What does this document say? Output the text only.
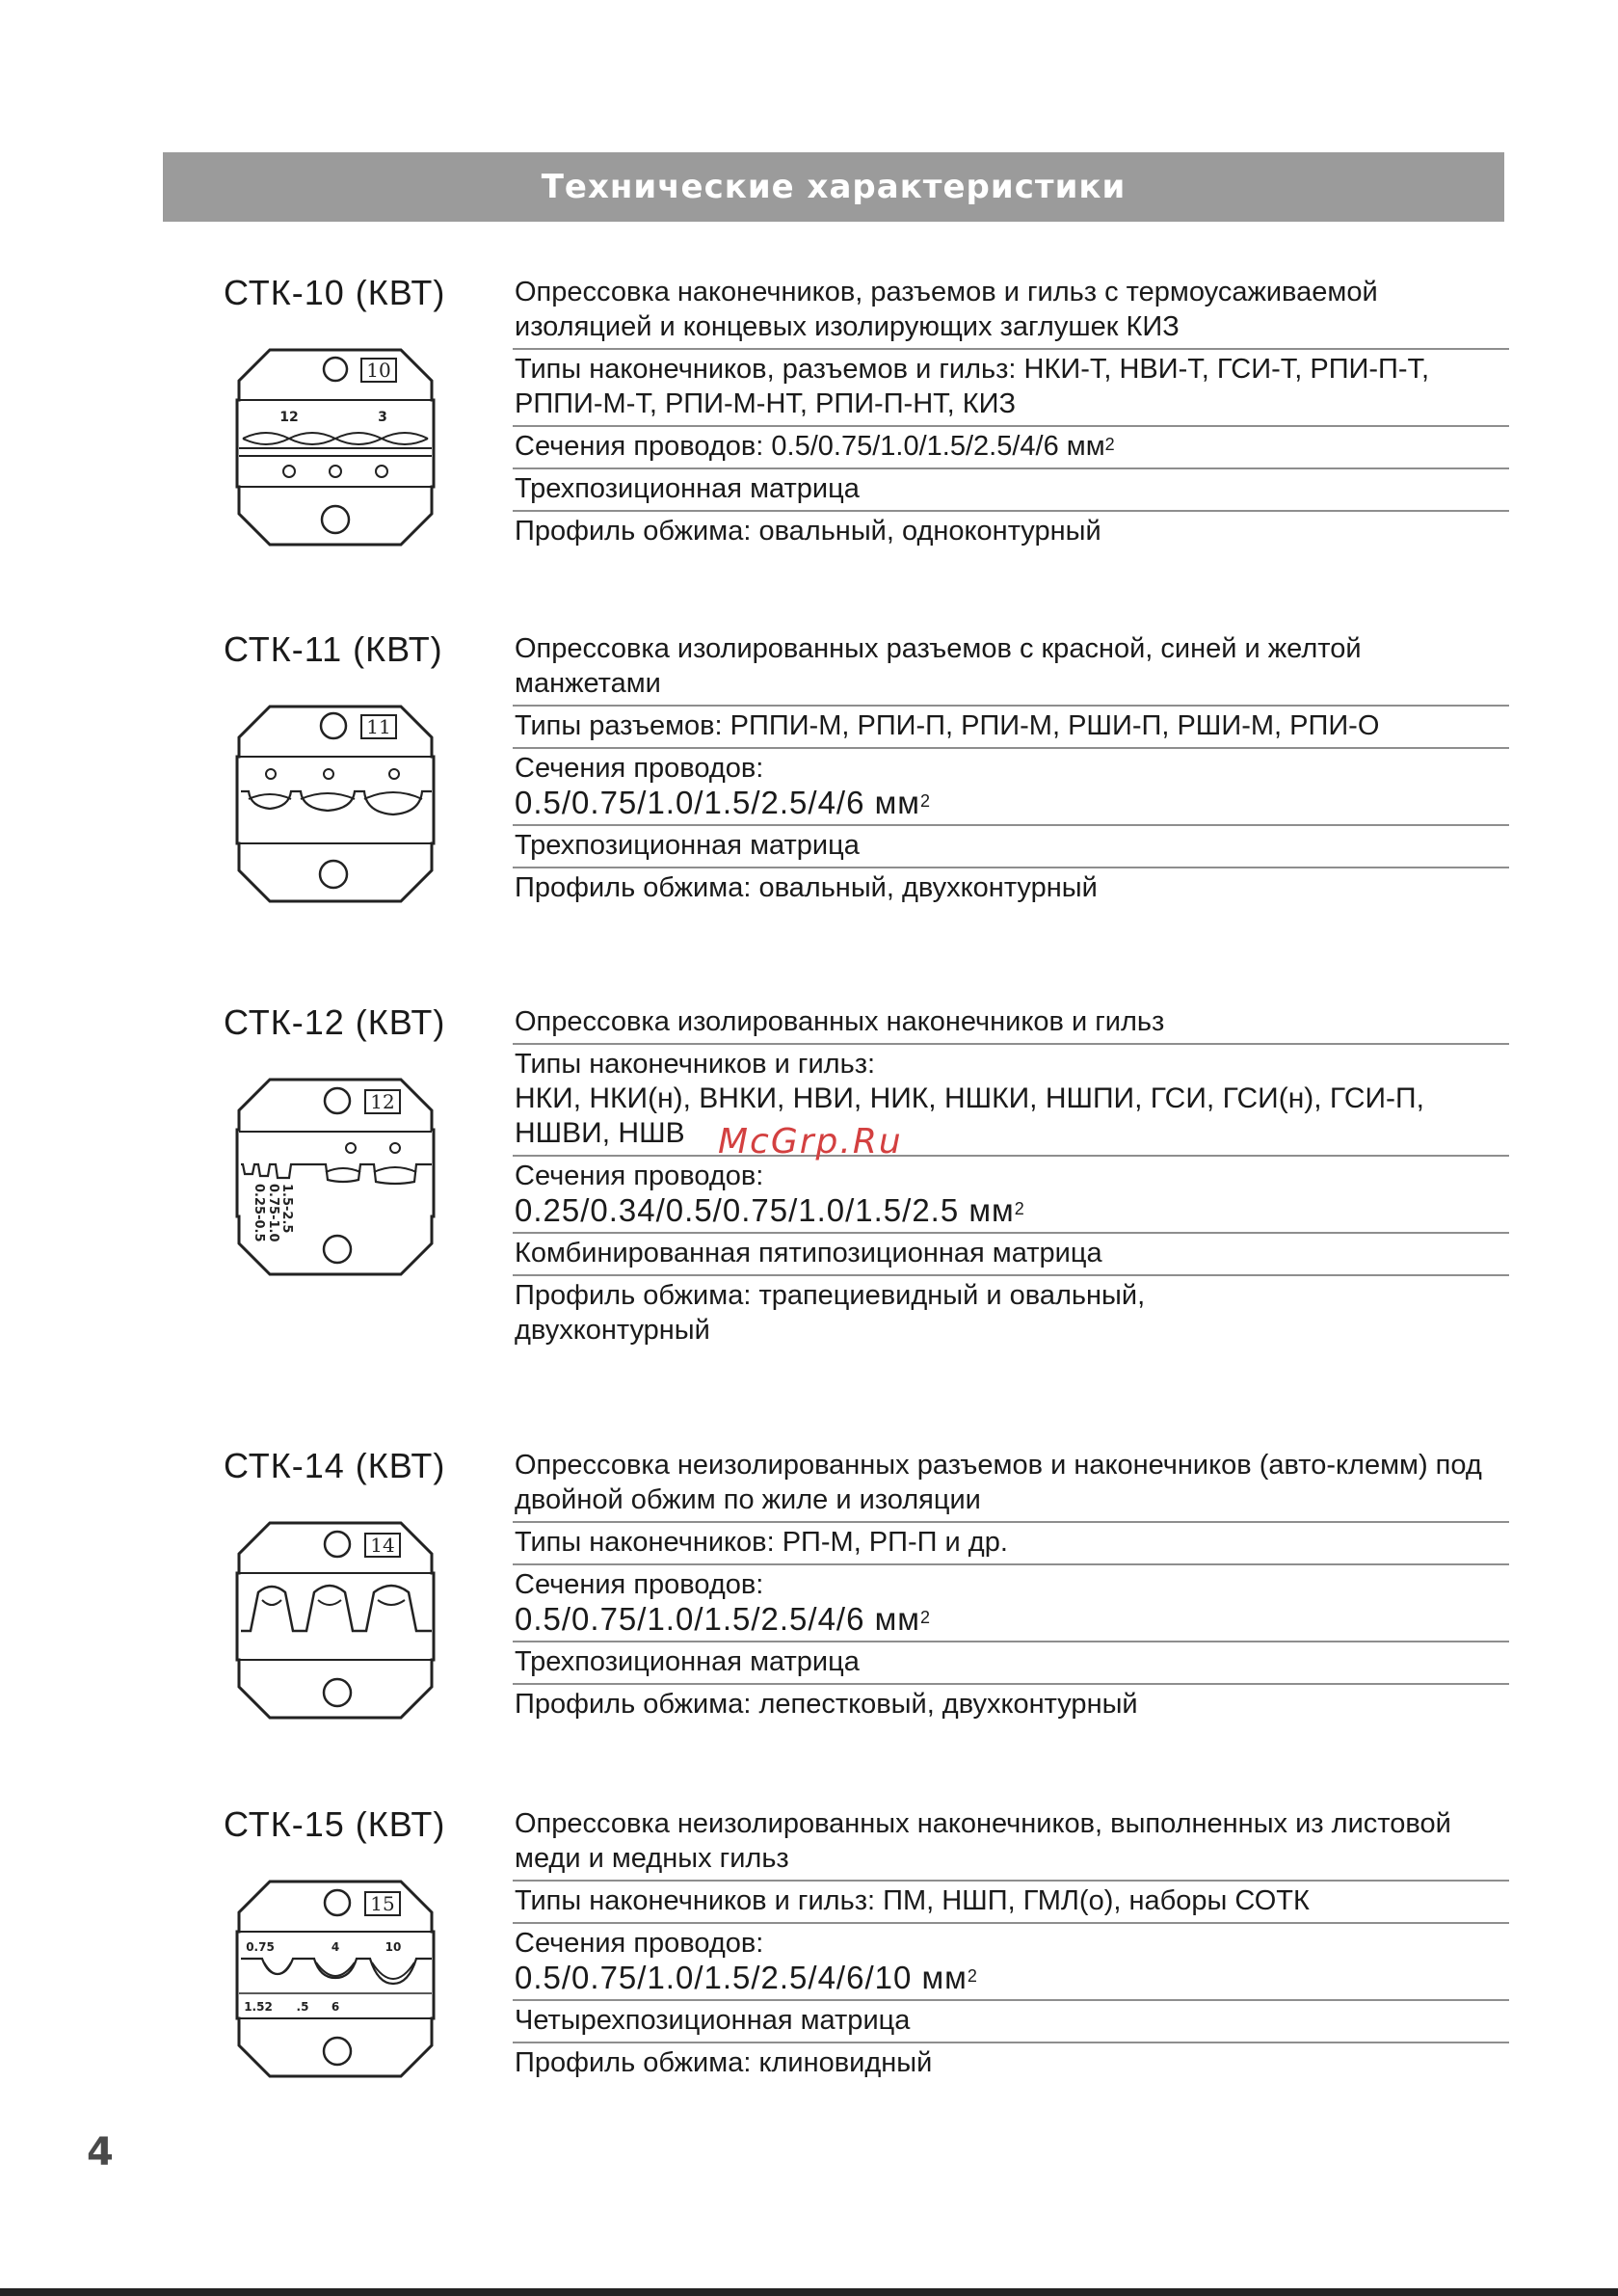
Технические характеристики
СТК-10 (КВТ)
10
12	3
Опрессовка наконечников, разъемов и гильз с термоусаживаемой изоляцией и концевых изолирующих заглушек КИЗ
Типы наконечников, разъемов и гильз: НКИ-Т, НВИ-Т, ГСИ-Т, РПИ-П-Т, РППИ-М-Т, РПИ-М-НТ, РПИ-П-НТ, КИЗ
Сечения проводов: 0.5/0.75/1.0/1.5/2.5/4/6 $мм^2$
Трехпозиционная матрица
Профиль обжима: овальный, одноконтурный
СТК-11 (КВТ)
11
Опрессовка изолированных разъемов с красной, синей и желтой манжетами
Типы разъемов: РППИ-М, РПИ-П, РПИ-М, РШИ-П, РШИ-М, РПИ-О
Сечения проводов:
0.5/0.75/1.0/1.5/2.5/4/6 $мм^2$
Трехпозиционная матрица
Профиль обжима: овальный, двухконтурный
СТК-12 (КВТ)
12
1.5-2.5
0.75-1.0
0.25-0.5
Опрессовка изолированных наконечников и гильз
Типы наконечников и гильз:
НКИ, НКИ(н), ВНКИ, НВИ, НИК, НШКИ, НШПИ, ГСИ, ГСИ(н), ГСИ-П, НШВИ, НШВ
Сечения проводов:
0.25/0.34/0.5/0.75/1.0/1.5/2.5 $мм^2$
Комбинированная пятипозиционная матрица
Профиль обжима: трапециевидный и овальный,
двухконтурный
СТК-14 (КВТ)
14
Опрессовка неизолированных разъемов и наконечников (авто-клемм) под двойной обжим по жиле и изоляции
Типы наконечников: РП-М, РП-П и др.
Сечения проводов:
0.5/0.75/1.0/1.5/2.5/4/6 $мм^2$
Трехпозиционная матрица
Профиль обжима: лепестковый, двухконтурный
СТК-15 (КВТ)
15
0.75	4	10
1.52 .5 6
Опрессовка неизолированных наконечников, выполненных из листовой меди и медных гильз
Типы наконечников и гильз: ПМ, НШП, ГМЛ(о), наборы СОТК
Сечения проводов:
0.5/0.75/1.0/1.5/2.5/4/6/10 $мм^2$
Четырехпозиционная матрица
Профиль обжима: клиновидный
McGrp.Ru
4
